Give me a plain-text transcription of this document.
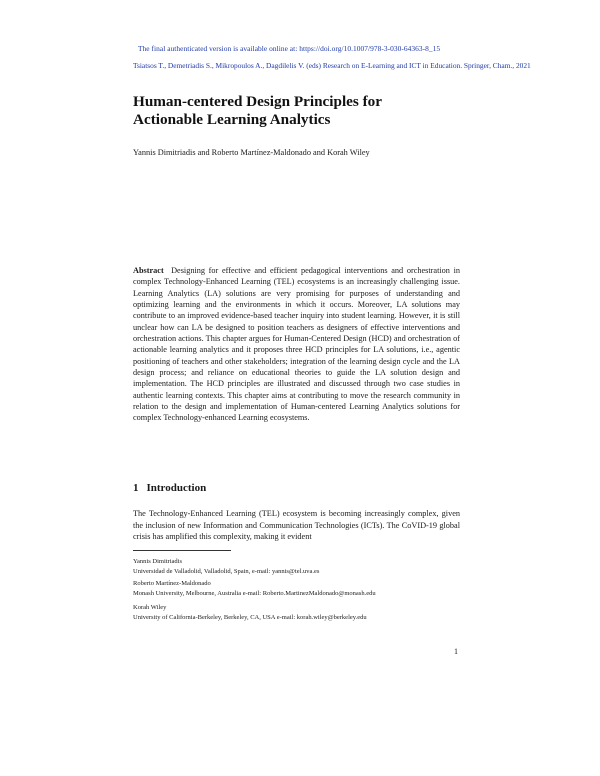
The final authenticated version is available online at: https://doi.org/10.1007/978-3-030-64363-8_15
Tsiatsos T., Demetriadis S., Mikropoulos A., Dagdilelis V. (eds) Research on E-Learning and ICT in Education. Springer, Cham., 2021
Human-centered Design Principles for
Actionable Learning Analytics
Yannis Dimitriadis and Roberto Martínez-Maldonado and Korah Wiley
Abstract Designing for effective and efficient pedagogical interventions and orchestration in complex Technology-Enhanced Learning (TEL) ecosystems is an increasingly challenging issue. Learning Analytics (LA) solutions are very promising for purposes of understanding and optimizing learning and the environments in which it occurs. Moreover, LA solutions may contribute to an improved evidence-based teacher inquiry into student learning. However, it is still unclear how can LA be designed to position teachers as designers of effective interventions and orchestration actions. This chapter argues for Human-Centered Design (HCD) and orchestration of actionable learning analytics and it proposes three HCD principles for LA solutions, i.e., agentic positioning of teachers and other stakeholders; integration of the learning design cycle and the LA design process; and reliance on educational theories to guide the LA solution design and implementation. The HCD principles are illustrated and discussed through two case studies in authentic learning contexts. This chapter aims at contributing to move the research community in relation to the design and implementation of Human-centered Learning Analytics solutions for complex Technology-enhanced Learning ecosystems.
1 Introduction
The Technology-Enhanced Learning (TEL) ecosystem is becoming increasingly complex, given the inclusion of new Information and Communication Technologies (ICTs). The CoVID-19 global crisis has amplified this complexity, making it evident
Yannis Dimitriadis
Universidad de Valladolid, Valladolid, Spain, e-mail: yannis@tel.uva.es
Roberto Martínez-Maldonado
Monash University, Melbourne, Australia e-mail: Roberto.MartinezMaldonado@monash.edu
Korah Wiley
University of California-Berkeley, Berkeley, CA, USA e-mail: korah.wiley@berkeley.edu
1
